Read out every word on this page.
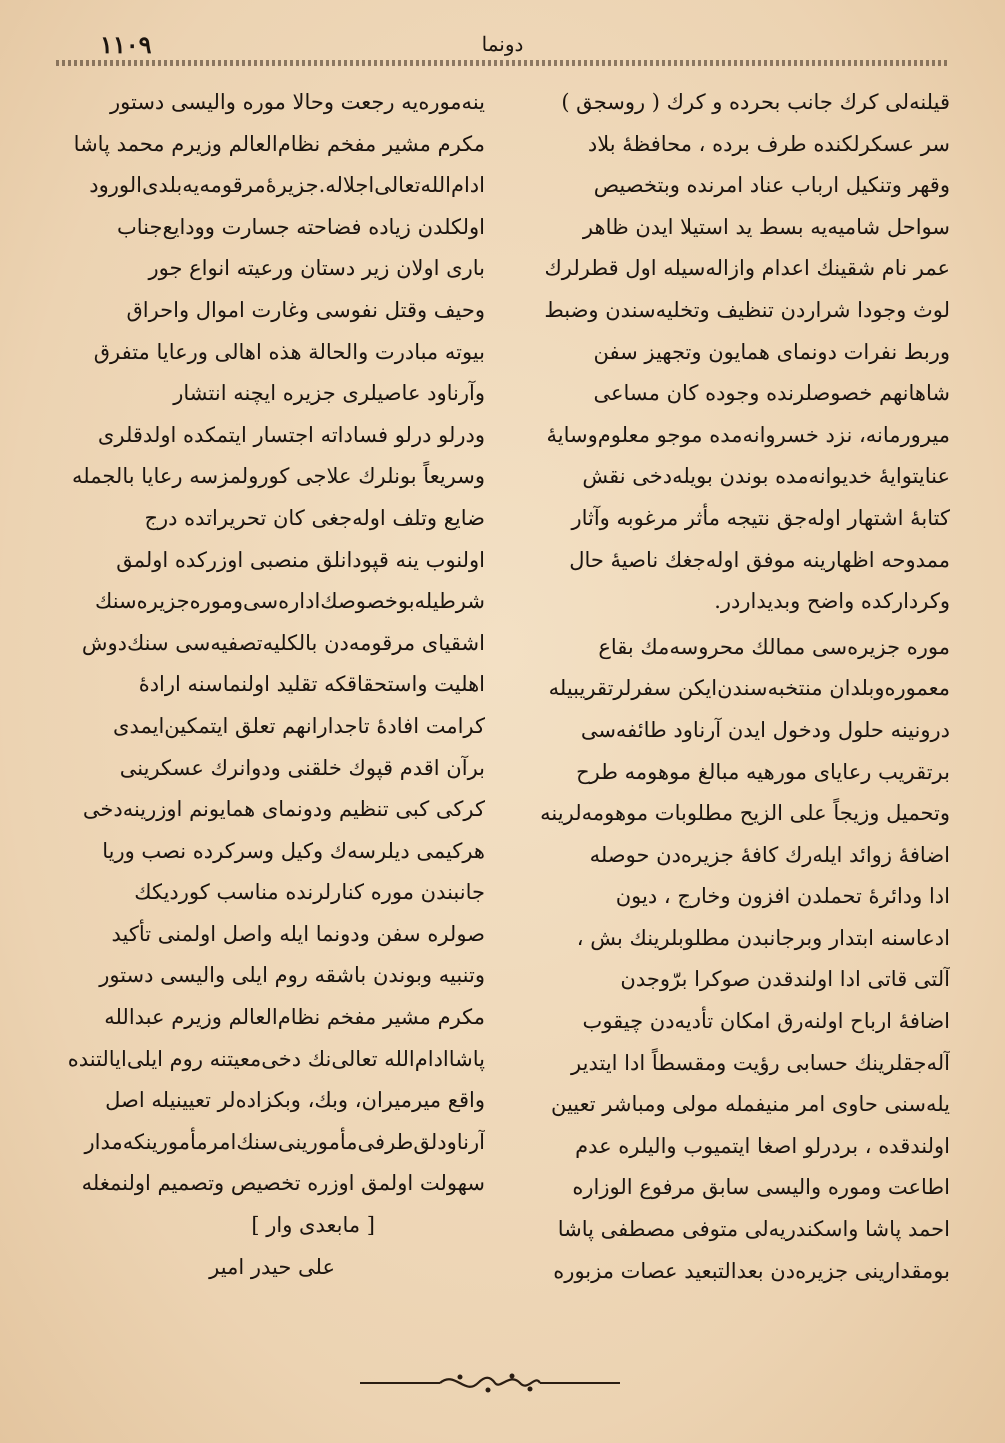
۱۱۰۹	دونما

قیلنه‌لی کرك جانب بحرده و کرك ( روسجق )

سر عسکرلکنده طرف برده ، محافظهٔ بلاد

وقهر وتنکیل ارباب عناد امرنده وبتخصیص

سواحل شامیه‌یه بسط ید استیلا ایدن ظاهر

عمر نام شقینك اعدام وازاله‌سیله اول قطرلرك

لوث وجودا شراردن تنظیف وتخلیه‌سندن وضبط

وربط نفرات دونمای همایون وتجهیز سفن

شاهانهم خصوصلرنده وجوده کان مساعی

میرورمانه، نزد خسروانه‌مده موجو معلوم‌وسایهٔ

عنایتوایهٔ خدیوانه‌مده بوندن بویله‌دخی نقش

کتابهٔ اشتهار اوله‌جق نتیجه مأثر مرغوبه وآثار

ممدوحه اظهارینه موفق اوله‌جغك ناصیهٔ حال

وکردارکده واضح وبدیداردر.

موره جزیره‌سی ممالك محروسه‌مك بقاع

معموره‌وبلدان منتخبه‌سندن‌ایکن سفرلرتقریبیله

درونینه حلول ودخول ایدن آرناود طائفه‌سی

برتقریب رعایای مورهیه مبالغ موهومه طرح

وتحمیل وزیجاً علی الزیح مطلوبات موهومه‌لرینه

اضافهٔ زوائد ایله‌رك کافهٔ جزیره‌دن حوصله

ادا ودائرهٔ تحملدن افزون وخارج ، دیون

ادعاسنه ابتدار وبرجانبدن مطلوبلرینك بش ،

آلتی قاتی ادا اولندقدن صوکرا برّوجدن

اضافهٔ ارباح اولنه‌رق امکان تأدیه‌دن چیقوب

آله‌جقلرینك حسابی رؤیت ومقسطاً ادا ایتدیر

یله‌سنی حاوی امر منیفمله مولی ومباشر تعیین

اولندقده ، بردرلو اصغا ایتمیوب والیلره عدم

اطاعت وموره والیسی سابق مرفوع الوزاره

احمد پاشا واسکندریه‌لی متوفی مصطفی پاشا

بومقدارینی جزیره‌دن بعدالتبعید عصات مزبوره

ینه‌موره‌یه رجعت وحالا موره والیسی دستور

مکرم مشیر مفخم نظام‌العالم وزیرم محمد پاشا

ادام‌الله‌تعالی‌اجلاله.جزیرهٔ‌مرقومه‌یه‌بلدی‌الورود

اولکلدن زیاده فضاحته جسارت وودایع‌جناب

باری اولان زیر دستان ورعیته انواع جور

وحیف وقتل نفوسی وغارت اموال واحراق

بیوته مبادرت والحالة هذه اهالی ورعایا متفرق

وآرناود عاصیلری جزیره ایچنه انتشار

ودرلو درلو فساداته اجتسار ایتمکده اولدقلری

وسریعاً بونلرك علاجی کورولمزسه رعایا بالجمله

ضایع وتلف اوله‌جغی کان تحریراتده درج

اولنوب ینه قپودانلق منصبی اوزرکده اولمق

شرطیله‌بوخصوصك‌اداره‌سی‌وموره‌جزیره‌سنك

اشقیای مرقومه‌دن بالکلیه‌تصفیه‌سی سنك‌دوش

اهلیت واستحقاقکه تقلید اولنماسنه ارادهٔ

کرامت افادهٔ تاجدارانهم تعلق ایتمکین‌ایمدی

برآن اقدم قپوك خلقنی ودوانرك عسکرینی

کرکی کبی تنظیم ودونمای همایونم اوزرینه‌دخی

هرکیمی دیلرسه‌ك وکیل وسرکرده نصب وریا

جانبندن موره کنارلرنده مناسب کوردیکك

صولره سفن ودونما ایله واصل اولمنی تأکید

وتنبیه وبوندن باشقه روم ایلی والیسی دستور

مکرم مشیر مفخم نظام‌العالم وزیرم عبدالله

پاشاادام‌الله تعالی‌نك دخی‌معیتنه روم ایلی‌ایالتنده

واقع میرمیران، وبك، وبکزاده‌لر تعیینیله اصل

آرناودلق‌طرفی‌مأمورینی‌سنك‌امر‌مأمورینکه‌مدار

سهولت اولمق اوزره تخصیص وتصمیم اولنمغله

[ مابعدی وار ]

علی حیدر امیر
